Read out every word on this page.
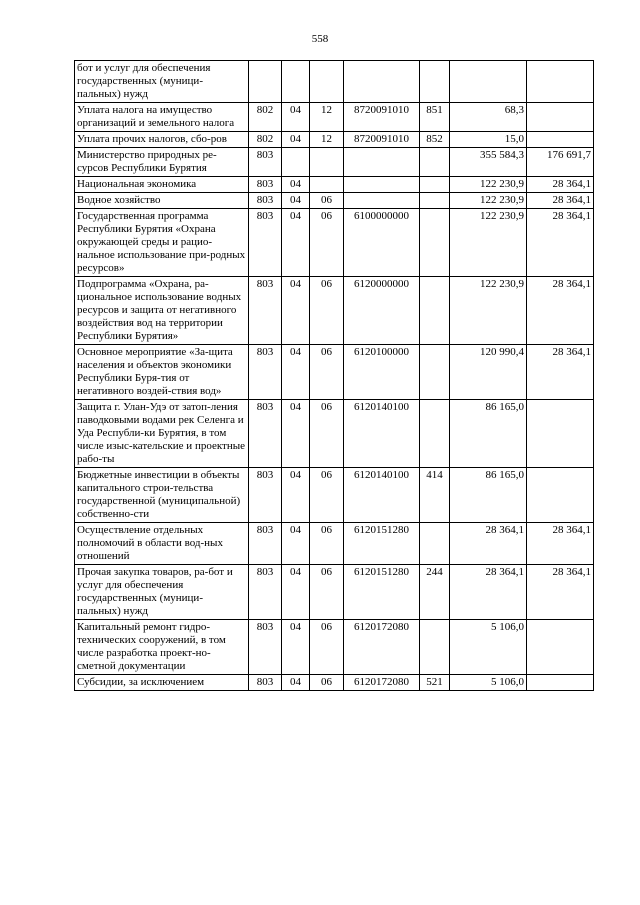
558
бот и услуг для обеспечения государственных (муници-пальных) нужд							
Уплата налога на имущество организаций и земельного налога	802	04	12	8720091010	851	68,3	
Уплата прочих налогов, сбо-ров	802	04	12	8720091010	852	15,0	
Министерство природных ре-сурсов Республики Бурятия	803					355 584,3	176 691,7
Национальная экономика	803	04				122 230,9	28 364,1
Водное хозяйство	803	04	06			122 230,9	28 364,1
Государственная программа Республики Бурятия «Охрана окружающей среды и рацио-нальное использование при-родных ресурсов»	803	04	06	6100000000		122 230,9	28 364,1
Подпрограмма «Охрана, ра-циональное использование водных ресурсов и защита от негативного воздействия вод на территории Республики Бурятия»	803	04	06	6120000000		122 230,9	28 364,1
Основное мероприятие «За-щита населения и объектов экономики Республики Буря-тия от негативного воздей-ствия вод»	803	04	06	6120100000		120 990,4	28 364,1
Защита г. Улан-Удэ от затоп-ления паводковыми водами рек Селенга и Уда Республи-ки Бурятия, в том числе изыс-кательские и проектные рабо-ты	803	04	06	6120140100		86 165,0	
Бюджетные инвестиции в объекты капитального строи-тельства государственной (муниципальной) собственно-сти	803	04	06	6120140100	414	86 165,0	
Осуществление отдельных полномочий в области вод-ных отношений	803	04	06	6120151280		28 364,1	28 364,1
Прочая закупка товаров, ра-бот и услуг для обеспечения государственных (муници-пальных) нужд	803	04	06	6120151280	244	28 364,1	28 364,1
Капитальный ремонт гидро-технических сооружений, в том числе разработка проект-но-сметной документации	803	04	06	6120172080		5 106,0	
Субсидии, за исключением	803	04	06	6120172080	521	5 106,0	
